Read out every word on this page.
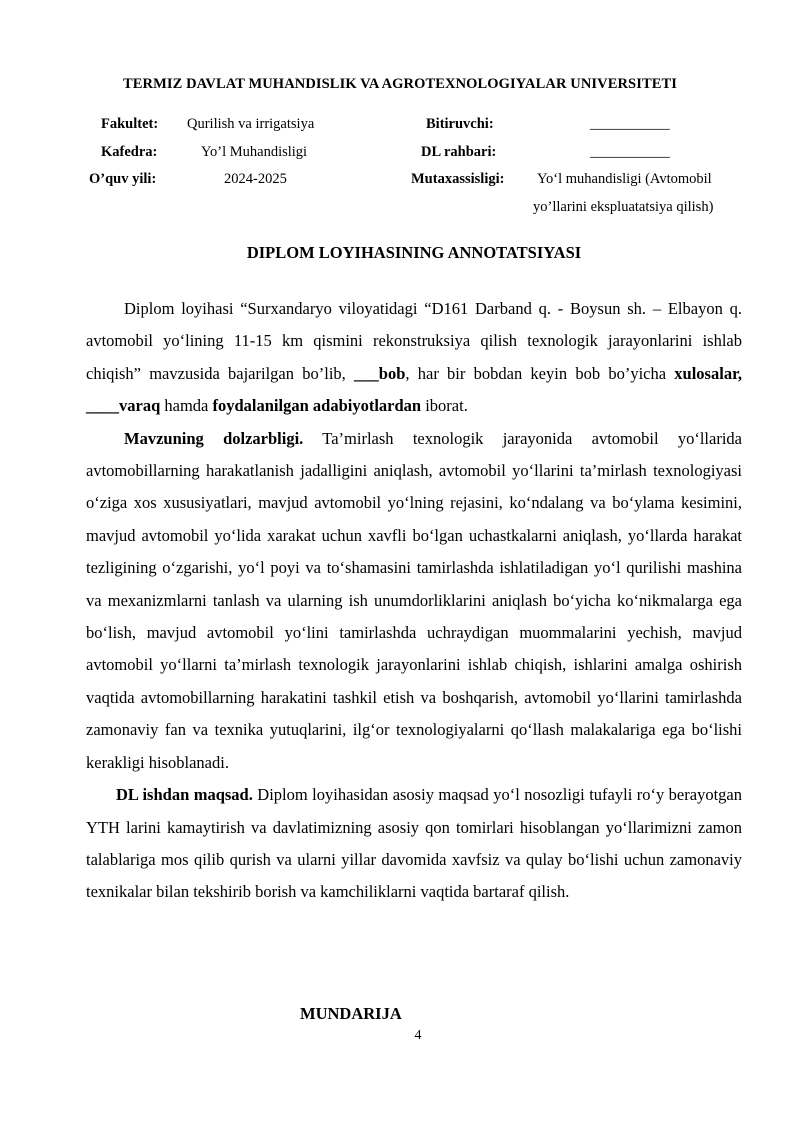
TERMIZ DAVLAT MUHANDISLIK VA AGROTEXNOLOGIYALAR UNIVERSITETI
Fakultet: Qurilish va irrigatsiya
Kafedra:	Yo’l Muhandisligi
O’quv yili:	2024-2025
Bitiruvchi:	___________
DL rahbari:	___________
Mutaxassisligi: Yo‘l muhandisligi (Avtomobil
yo’llarini ekspluatatsiya qilish)
DIPLOM LOYIHASINING ANNOTATSIYASI

Diplom loyihasi “Surxandaryo viloyatidagi “D161 Darband q. - Boysun sh. – Elbayon q. avtomobil yo‘lining 11-15 km qismini rekonstruksiya qilish texnologik jarayonlarini ishlab chiqish” mavzusida bajarilgan bo’lib, ___bob, har bir bobdan keyin bob bo’yicha xulosalar, ____varaq hamda foydalanilgan adabiyotlardan iborat.

Mavzuning dolzarbligi. Ta’mirlash texnologik jarayonida avtomobil yo‘llarida avtomobillarning harakatlanish jadalligini aniqlash, avtomobil yo‘llarini ta’mirlash texnologiyasi o‘ziga xos xususiyatlari, mavjud avtomobil yo‘lning rejasini, ko‘ndalang va bo‘ylama kesimini, mavjud avtomobil yo‘lida xarakat uchun xavfli bo‘lgan uchastkalarni aniqlash, yo‘llarda harakat tezligining o‘zgarishi, yo‘l poyi va to‘shamasini tamirlashda ishlatiladigan yo‘l qurilishi mashina va mexanizmlarni tanlash va ularning ish unumdorliklarini aniqlash bo‘yicha ko‘nikmalarga ega bo‘lish, mavjud avtomobil yo‘lini tamirlashda uchraydigan muommalarini yechish, mavjud avtomobil yo‘llarni ta’mirlash texnologik jarayonlarini ishlab chiqish, ishlarini amalga oshirish vaqtida avtomobillarning harakatini tashkil etish va boshqarish, avtomobil yo‘llarini tamirlashda zamonaviy fan va texnika yutuqlarini, ilg‘or texnologiyalarni qo‘llash malakalariga ega bo‘lishi kerakligi hisoblanadi.

DL ishdan maqsad. Diplom loyihasidan asosiy maqsad yo‘l nosozligi tufayli ro‘y berayotgan YTH larini kamaytirish va davlatimizning asosiy qon tomirlari hisoblangan yo‘llarimizni zamon talablariga mos qilib qurish va ularni yillar davomida xavfsiz va qulay bo‘lishi uchun zamonaviy texnikalar bilan tekshirib borish va kamchiliklarni vaqtida bartaraf qilish.

MUNDARIJA
4
